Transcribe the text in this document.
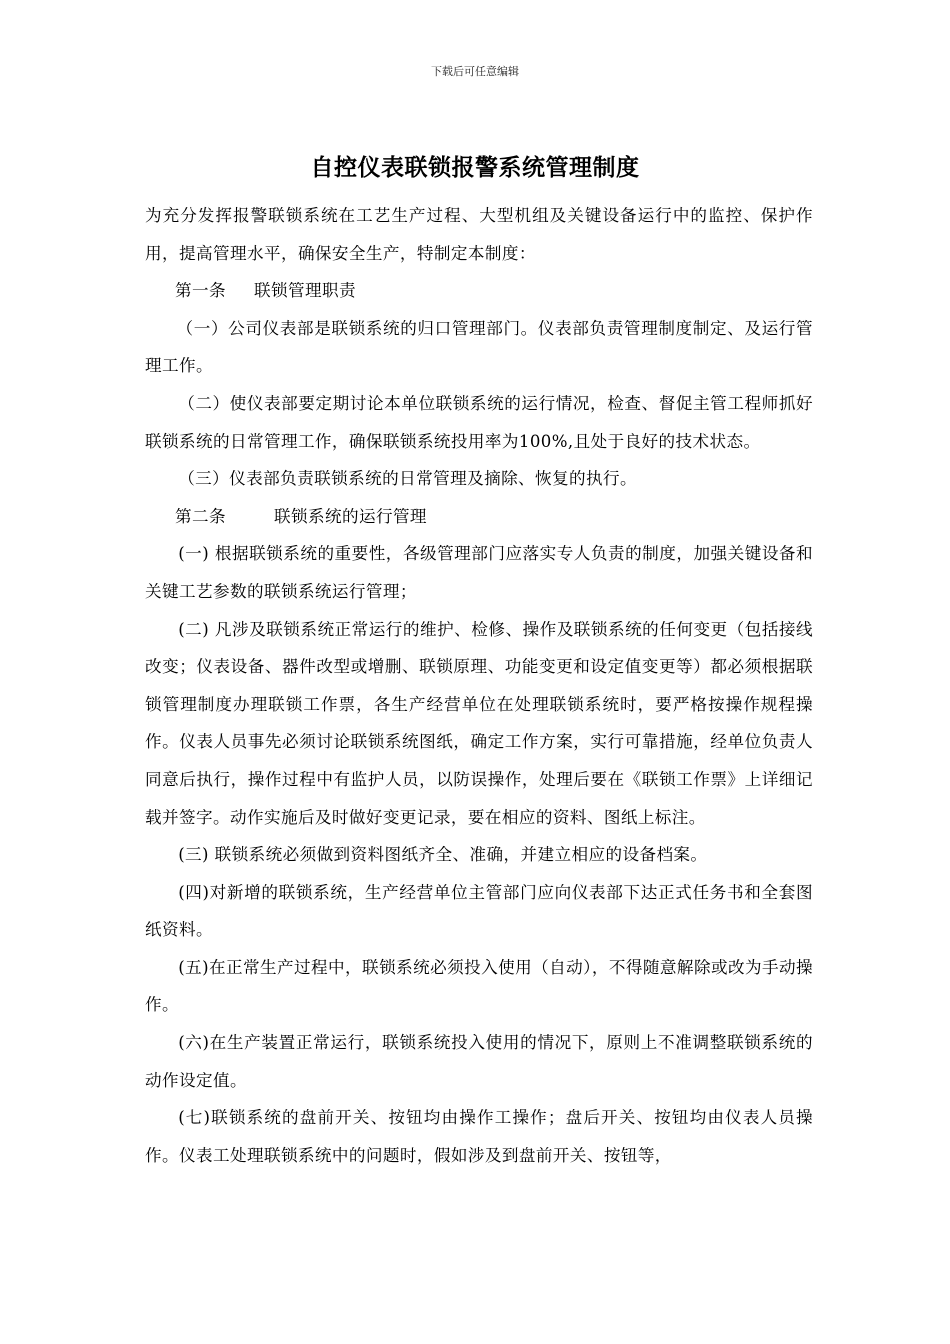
下载后可任意编辑
自控仪表联锁报警系统管理制度

为充分发挥报警联锁系统在工艺生产过程、大型机组及关键设备运行中的监控、保护作用，提高管理水平，确保安全生产，特制定本制度：

第一条 联锁管理职责

（一）公司仪表部是联锁系统的归口管理部门。仪表部负责管理制度制定、及运行管理工作。

（二）使仪表部要定期讨论本单位联锁系统的运行情况，检查、督促主管工程师抓好联锁系统的日常管理工作，确保联锁系统投用率为100%,且处于良好的技术状态。

（三）仪表部负责联锁系统的日常管理及摘除、恢复的执行。

第二条	联锁系统的运行管理

(一) 根据联锁系统的重要性，各级管理部门应落实专人负责的制度，加强关键设备和关键工艺参数的联锁系统运行管理；

(二) 凡涉及联锁系统正常运行的维护、检修、操作及联锁系统的任何变更（包括接线改变；仪表设备、器件改型或增删、联锁原理、功能变更和设定值变更等）都必须根据联锁管理制度办理联锁工作票，各生产经营单位在处理联锁系统时，要严格按操作规程操作。仪表人员事先必须讨论联锁系统图纸，确定工作方案，实行可靠措施，经单位负责人同意后执行，操作过程中有监护人员，以防误操作，处理后要在《联锁工作票》上详细记载并签字。动作实施后及时做好变更记录，要在相应的资料、图纸上标注。

(三) 联锁系统必须做到资料图纸齐全、准确，并建立相应的设备档案。

(四)对新增的联锁系统，生产经营单位主管部门应向仪表部下达正式任务书和全套图纸资料。

(五)在正常生产过程中，联锁系统必须投入使用（自动），不得随意解除或改为手动操作。

(六)在生产装置正常运行，联锁系统投入使用的情况下，原则上不准调整联锁系统的动作设定值。

(七)联锁系统的盘前开关、按钮均由操作工操作；盘后开关、按钮均由仪表人员操作。仪表工处理联锁系统中的问题时，假如涉及到盘前开关、按钮等，
